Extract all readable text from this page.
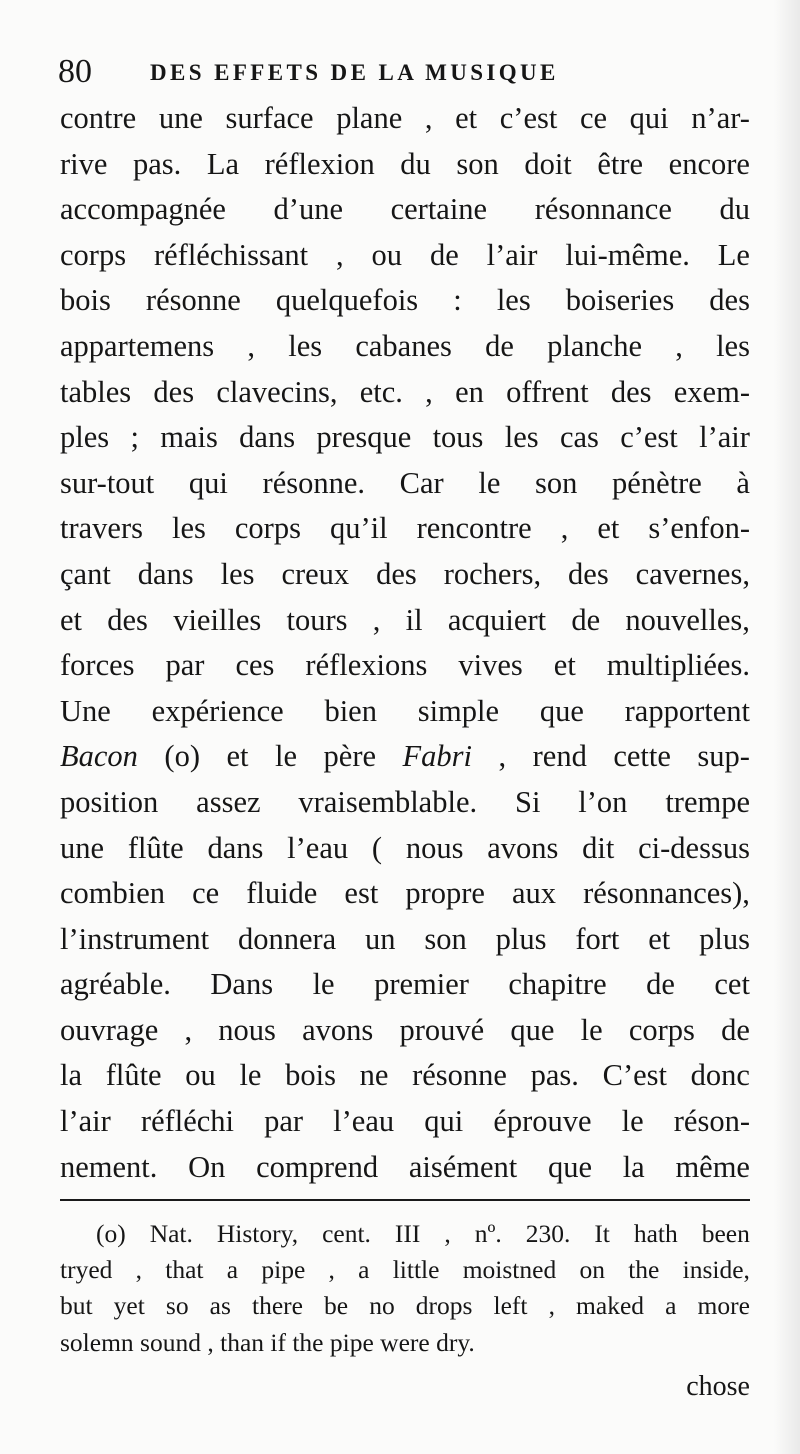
80	DES EFFETS DE LA MUSIQUE
contre une surface plane , et c’est ce qui n’ar-
rive pas. La réflexion du son doit être encore
accompagnée d’une certaine résonnance du
corps réfléchissant , ou de l’air lui-même. Le
bois résonne quelquefois : les boiseries des
appartemens , les cabanes de planche , les
tables des clavecins, etc. , en offrent des exem-
ples ; mais dans presque tous les cas c’est l’air
sur-tout qui résonne. Car le son pénètre à
travers les corps qu’il rencontre , et s’enfon-
çant dans les creux des rochers, des cavernes,
et des vieilles tours , il acquiert de nouvelles,
forces par ces réflexions vives et multipliées.
Une expérience bien simple que rapportent
Bacon (o) et le père Fabri , rend cette sup-
position assez vraisemblable. Si l’on trempe
une flûte dans l’eau ( nous avons dit ci-dessus
combien ce fluide est propre aux résonnances),
l’instrument donnera un son plus fort et plus
agréable. Dans le premier chapitre de cet
ouvrage , nous avons prouvé que le corps de
la flûte ou le bois ne résonne pas. C’est donc
l’air réfléchi par l’eau qui éprouve le réson-
nement. On comprend aisément que la même
(o) Nat. History, cent. III , nº. 230. It hath been
tryed , that a pipe , a little moistned on the inside,
but yet so as there be no drops left , maked a more
solemn sound , than if the pipe were dry.
chose
